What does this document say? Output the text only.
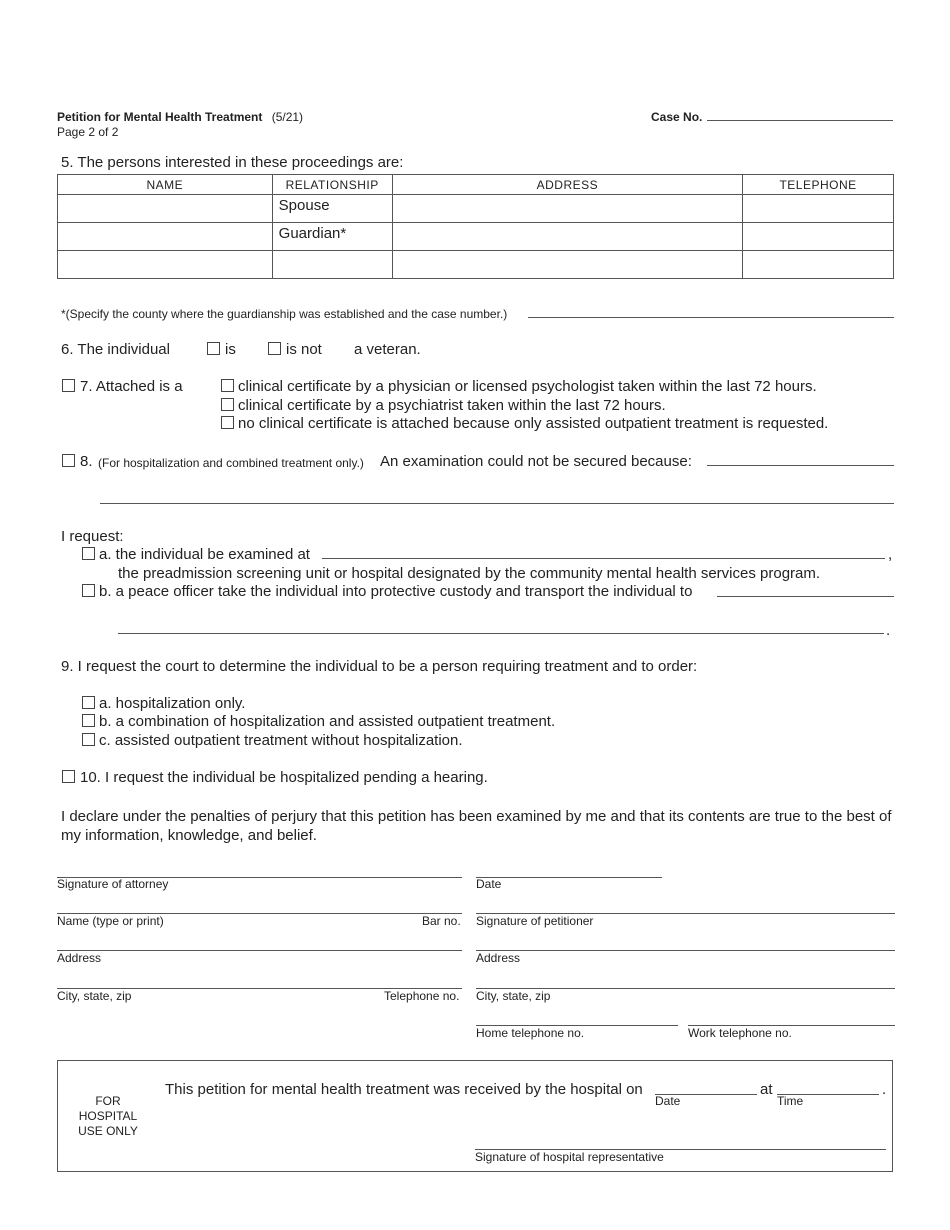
Petition for Mental Health Treatment (5/21)
Page 2 of 2
Case No.
5. The persons interested in these proceedings are:
NAME	RELATIONSHIP	ADDRESS	TELEPHONE

	Spouse		

	Guardian*		

*(Specify the county where the guardianship was established and the case number.)
6. The individual	is	is not a veteran.
7. Attached is a	clinical certificate by a physician or licensed psychologist taken within the last 72 hours.
clinical certificate by a psychiatrist taken within the last 72 hours.
no clinical certificate is attached because only assisted outpatient treatment is requested.
8. (For hospitalization and combined treatment only.) An examination could not be secured because:
I request:
a. the individual be examined at	,
the preadmission screening unit or hospital designated by the community mental health services program.
b. a peace officer take the individual into protective custody and transport the individual to
.
9. I request the court to determine the individual to be a person requiring treatment and to order:
a. hospitalization only.
b. a combination of hospitalization and assisted outpatient treatment.
c. assisted outpatient treatment without hospitalization.
10. I request the individual be hospitalized pending a hearing.
I declare under the penalties of perjury that this petition has been examined by me and that its contents are true to the best of my information, knowledge, and belief.
Signature of attorney	Date
Name (type or print)	Bar no. Signature of petitioner
Address	Address
City, state, zip	Telephone no. City, state, zip
Home telephone no.	Work telephone no.
FOR
HOSPITAL
USE ONLY
This petition for mental health treatment was received by the hospital on
Date
at
Time
.
Signature of hospital representative
